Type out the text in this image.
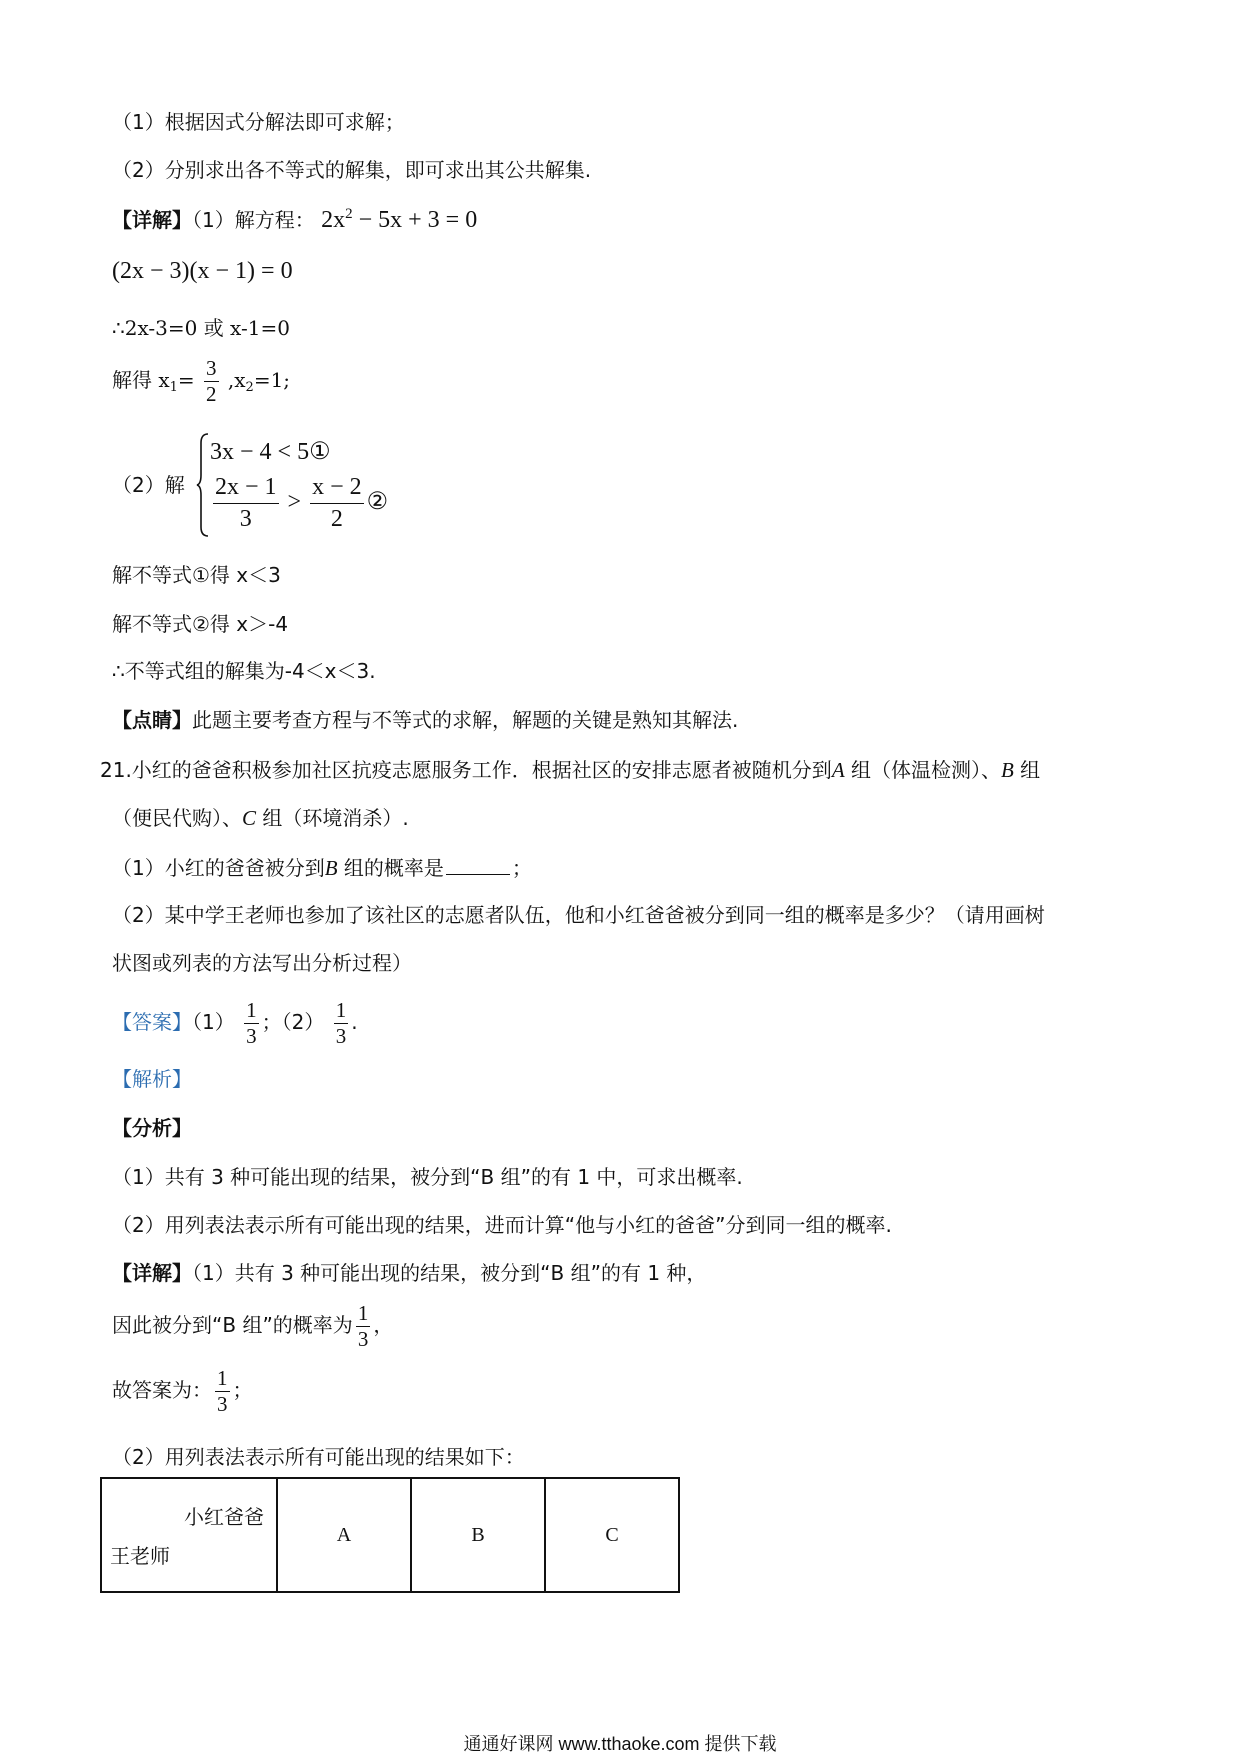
（1）根据因式分解法即可求解；
（2）分别求出各不等式的解集，即可求出其公共解集.
【详解】（1）解方程： $2x^2 - 5x + 3 = 0$
(2x − 3)(x − 1) = 0
∴2x-3=0 或 x-1=0
解得 $x_1= \frac{3}{2} ,x_2=1$;
（2）解
3x − 4 < 5①
$\frac{2x - 1}{3} > \frac{x - 2}{2}$ ②
解不等式①得 x＜3
解不等式②得 x＞-4
∴不等式组的解集为-4＜x＜3.
【点睛】此题主要考查方程与不等式的求解，解题的关键是熟知其解法.
21.小红的爸爸积极参加社区抗疫志愿服务工作．根据社区的安排志愿者被随机分到A 组（体温检测）、B 组
（便民代购）、C 组（环境消杀）.
（1）小红的爸爸被分到B 组的概率是	；
（2）某中学王老师也参加了该社区的志愿者队伍，他和小红爸爸被分到同一组的概率是多少？（请用画树
状图或列表的方法写出分析过程）
【答案】$(1) \frac{1}{3}$ ；$(2) \frac{1}{3}$ .
【解析】
【分析】
（1）共有 3 种可能出现的结果，被分到“B 组”的有 1 中，可求出概率.
（2）用列表法表示所有可能出现的结果，进而计算“他与小红的爸爸”分到同一组的概率.
【详解】（1）共有 3 种可能出现的结果，被分到“B 组”的有 1 种，
因此被分到“B 组”的概率为 $\frac{1}{3}$ ，
故答案为： $\frac{1}{3}$ ；
（2）用列表法表示所有可能出现的结果如下：
小红爸爸
王老师
	A	B	C
通通好课网 www.tthaoke.com 提供下载
